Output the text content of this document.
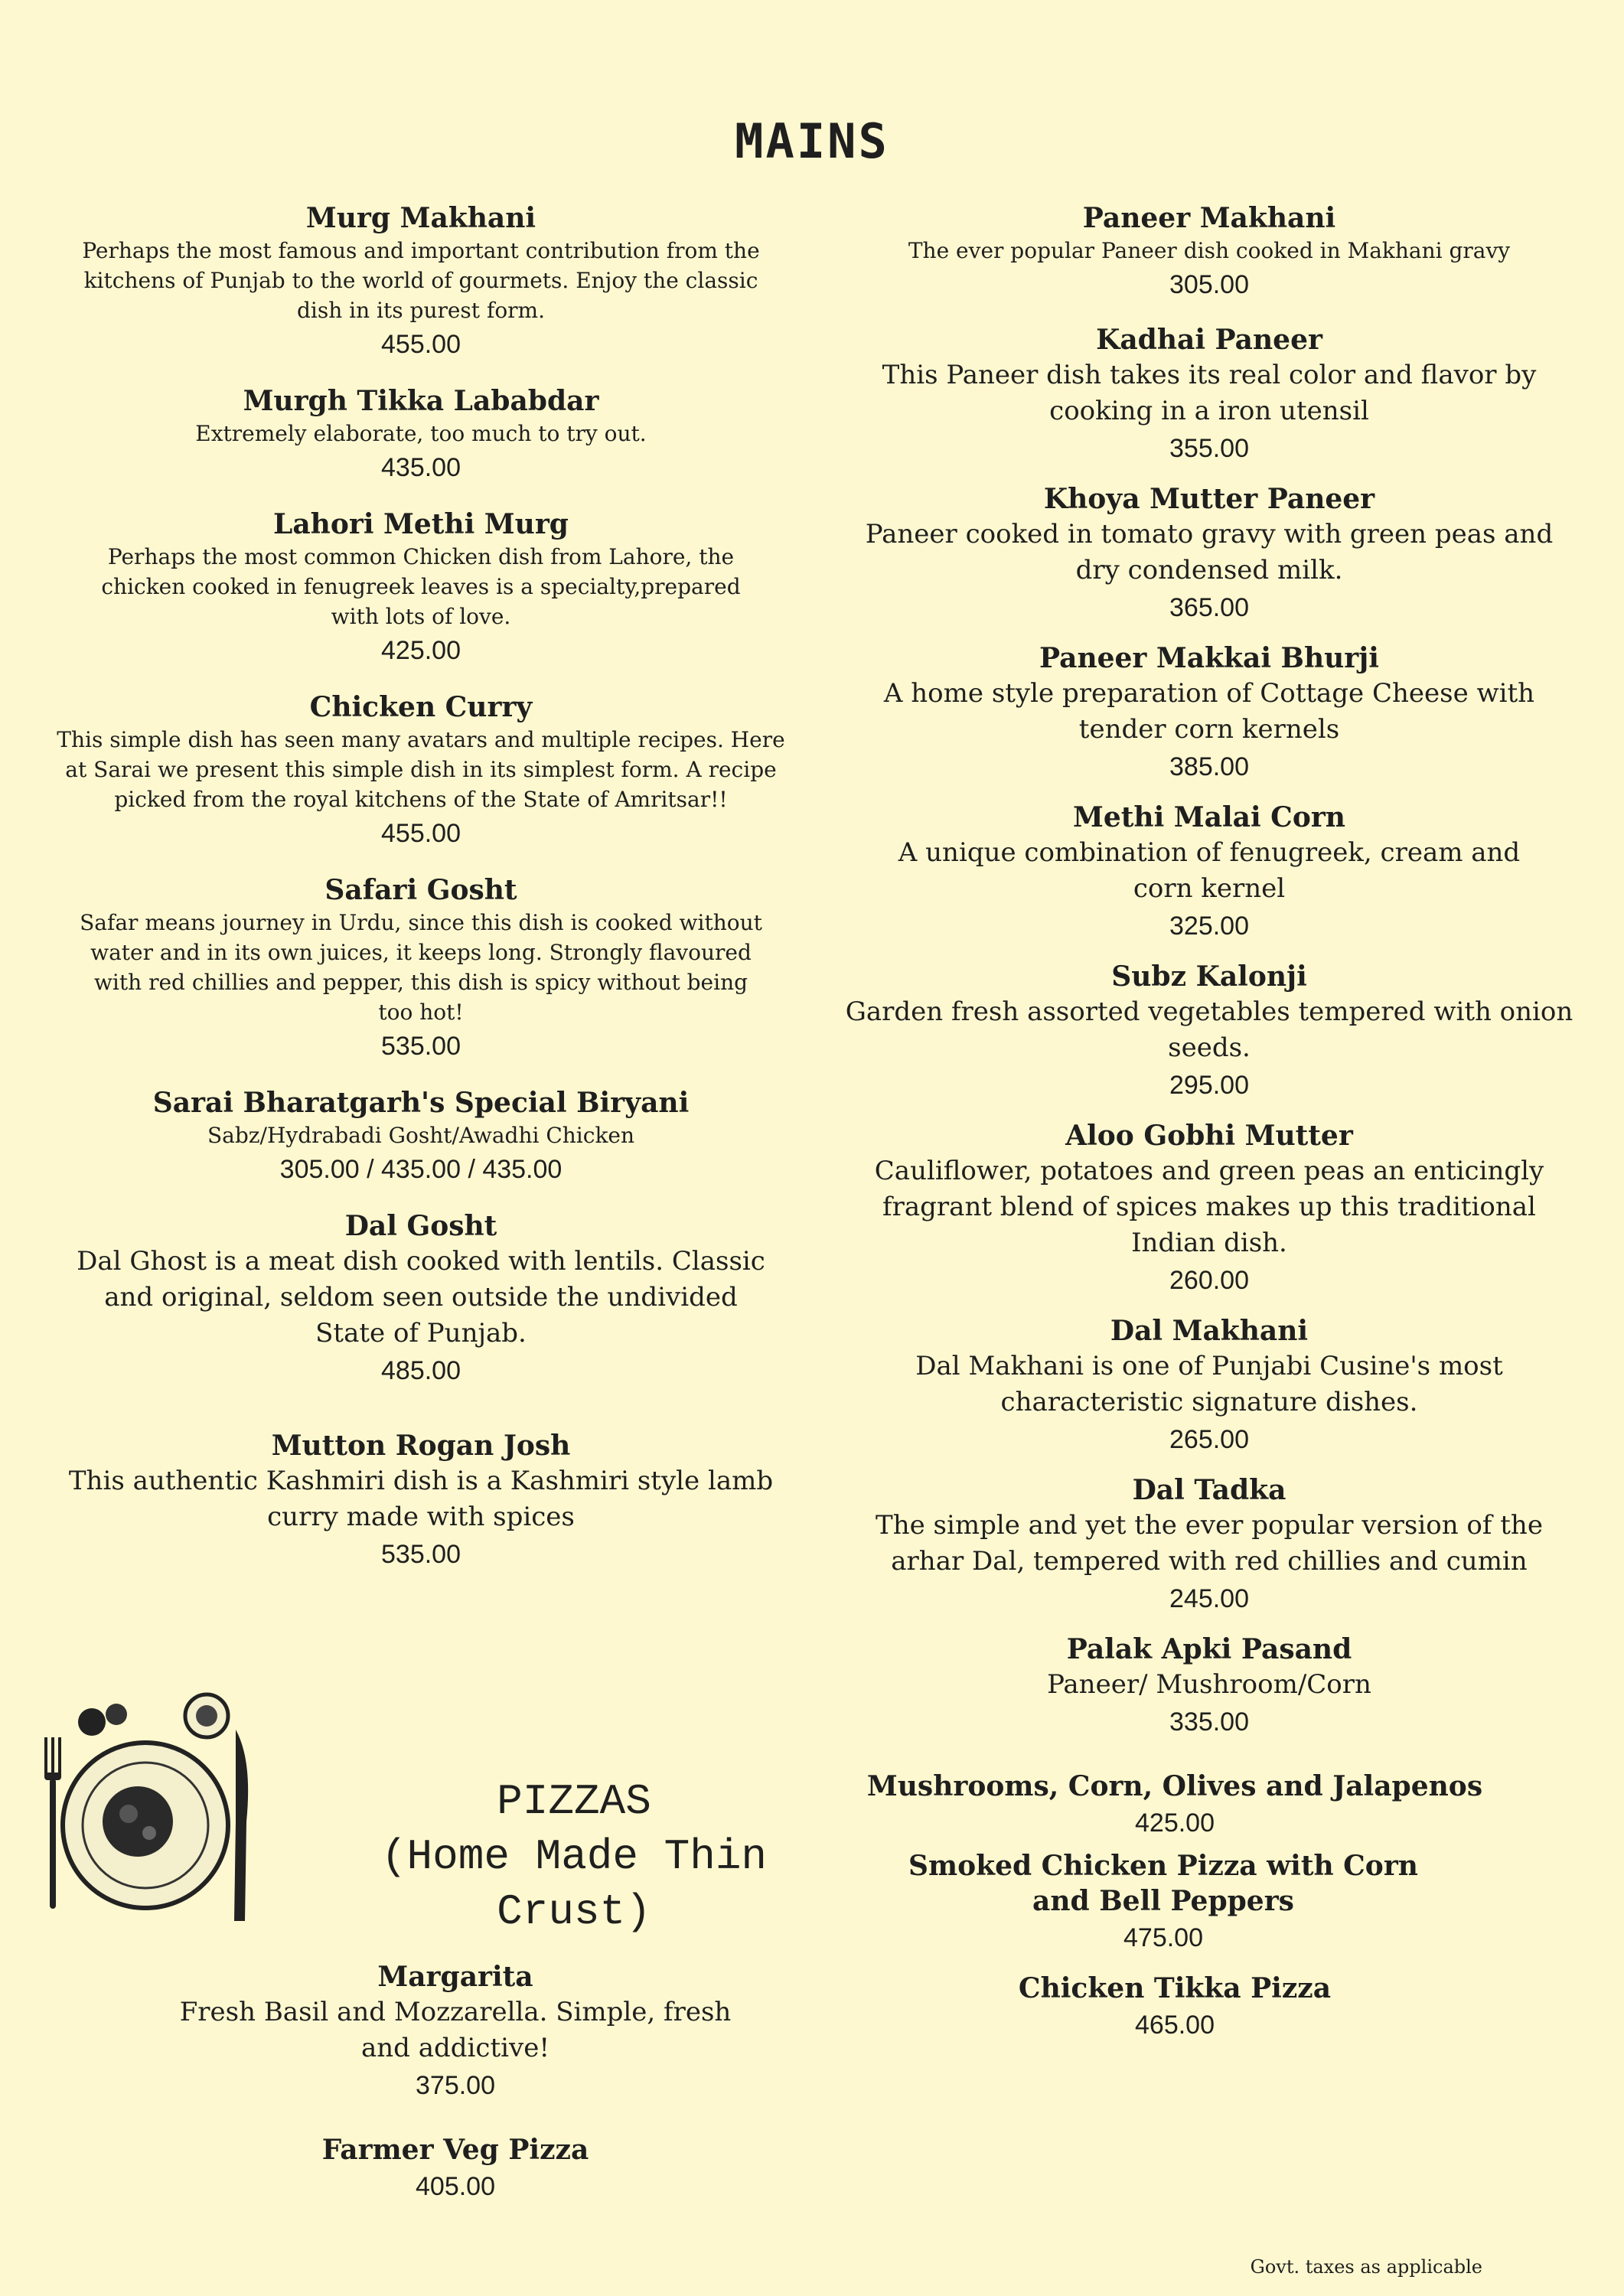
MAINS
Murg Makhani
Perhaps the most famous and important contribution from the kitchens of Punjab to the world of gourmets. Enjoy the classic dish in its purest form.
455.00
Murgh Tikka Lababdar
Extremely elaborate, too much to try out.
435.00
Lahori Methi Murg
Perhaps the most common Chicken dish from Lahore, the chicken cooked in fenugreek leaves is a specialty,prepared with lots of love.
425.00
Chicken Curry
This simple dish has seen many avatars and multiple recipes. Here at Sarai we present this simple dish in its simplest form. A recipe picked from the royal kitchens of the State of Amritsar!!
455.00
Safari Gosht
Safar means journey in Urdu, since this dish is cooked without water and in its own juices, it keeps long. Strongly flavoured with red chillies and pepper, this dish is spicy without being too hot!
535.00
Sarai Bharatgarh's Special Biryani
Sabz/Hydrabadi Gosht/Awadhi Chicken
305.00 / 435.00 / 435.00
Dal Gosht
Dal Ghost is a meat dish cooked with lentils. Classic and original, seldom seen outside the undivided State of Punjab.
485.00
Mutton Rogan Josh
This authentic Kashmiri dish is a Kashmiri style lamb curry made with spices
535.00
PIZZAS
(Home Made Thin Crust)
Margarita
Fresh Basil and Mozzarella. Simple, fresh and addictive!
375.00
Farmer Veg Pizza
405.00
Paneer Makhani
The ever popular Paneer dish cooked in Makhani gravy
305.00
Kadhai Paneer
This Paneer dish takes its real color and flavor by cooking in a iron utensil
355.00
Khoya Mutter Paneer
Paneer cooked in tomato gravy with green peas and dry condensed milk.
365.00
Paneer Makkai Bhurji
A home style preparation of Cottage Cheese with tender corn kernels
385.00
Methi Malai Corn
A unique combination of fenugreek, cream and corn kernel
325.00
Subz Kalonji
Garden fresh assorted vegetables tempered with onion seeds.
295.00
Aloo Gobhi Mutter
Cauliflower, potatoes and green peas an enticingly fragrant blend of spices makes up this traditional Indian dish.
260.00
Dal Makhani
Dal Makhani is one of Punjabi Cusine's most characteristic signature dishes.
265.00
Dal Tadka
The simple and yet the ever popular version of the arhar Dal, tempered with red chillies and cumin
245.00
Palak Apki Pasand
Paneer/ Mushroom/Corn
335.00
Mushrooms, Corn, Olives and Jalapenos
425.00
Smoked Chicken Pizza with Corn and Bell Peppers
475.00
Chicken Tikka Pizza
465.00
Govt. taxes as applicable
